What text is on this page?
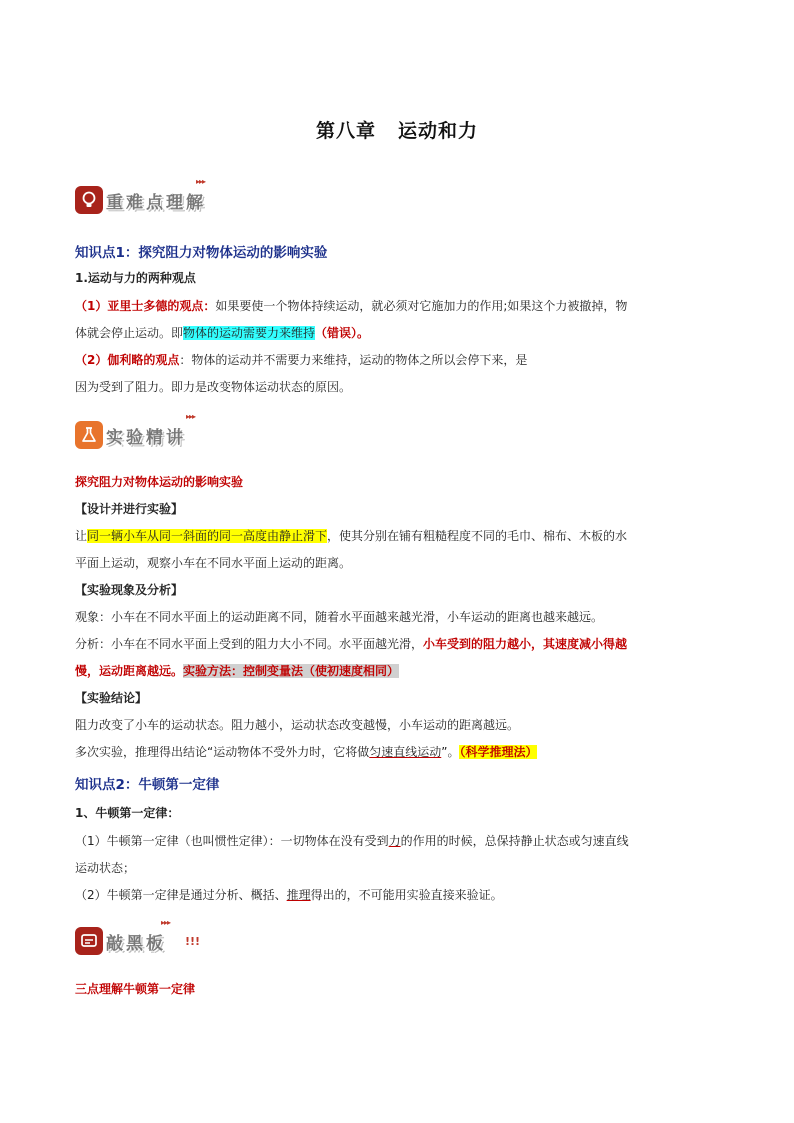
第八章 运动和力
▸▸▸
重难点理解
知识点1：探究阻力对物体运动的影响实验
1.运动与力的两种观点
（1）亚里士多德的观点：如果要使一个物体持续运动，就必须对它施加力的作用;如果这个力被撤掉，物
体就会停止运动。即物体的运动需要力来维持（错误）。
（2）伽利略的观点：物体的运动并不需要力来维持，运动的物体之所以会停下来，是
因为受到了阻力。即力是改变物体运动状态的原因。
▸▸▸
实验精讲
探究阻力对物体运动的影响实验
【设计并进行实验】
让同一辆小车从同一斜面的同一高度由静止滑下，使其分别在铺有粗糙程度不同的毛巾、棉布、木板的水
平面上运动，观察小车在不同水平面上运动的距离。
【实验现象及分析】
观象：小车在不同水平面上的运动距离不同，随着水平面越来越光滑，小车运动的距离也越来越远。
分析：小车在不同水平面上受到的阻力大小不同。水平面越光滑，小车受到的阻力越小，其速度减小得越
慢，运动距离越远。实验方法：控制变量法（使初速度相同）
【实验结论】
阻力改变了小车的运动状态。阻力越小，运动状态改变越慢，小车运动的距离越远。
多次实验，推理得出结论“运动物体不受外力时，它将做匀速直线运动”。（科学推理法）
知识点2：牛顿第一定律
1、牛顿第一定律：
（1）牛顿第一定律（也叫惯性定律）：一切物体在没有受到力的作用的时候，总保持静止状态或匀速直线
运动状态；
（2）牛顿第一定律是通过分析、概括、推理得出的，不可能用实验直接来验证。
▸▸▸
敲黑板 !!!
三点理解牛顿第一定律
